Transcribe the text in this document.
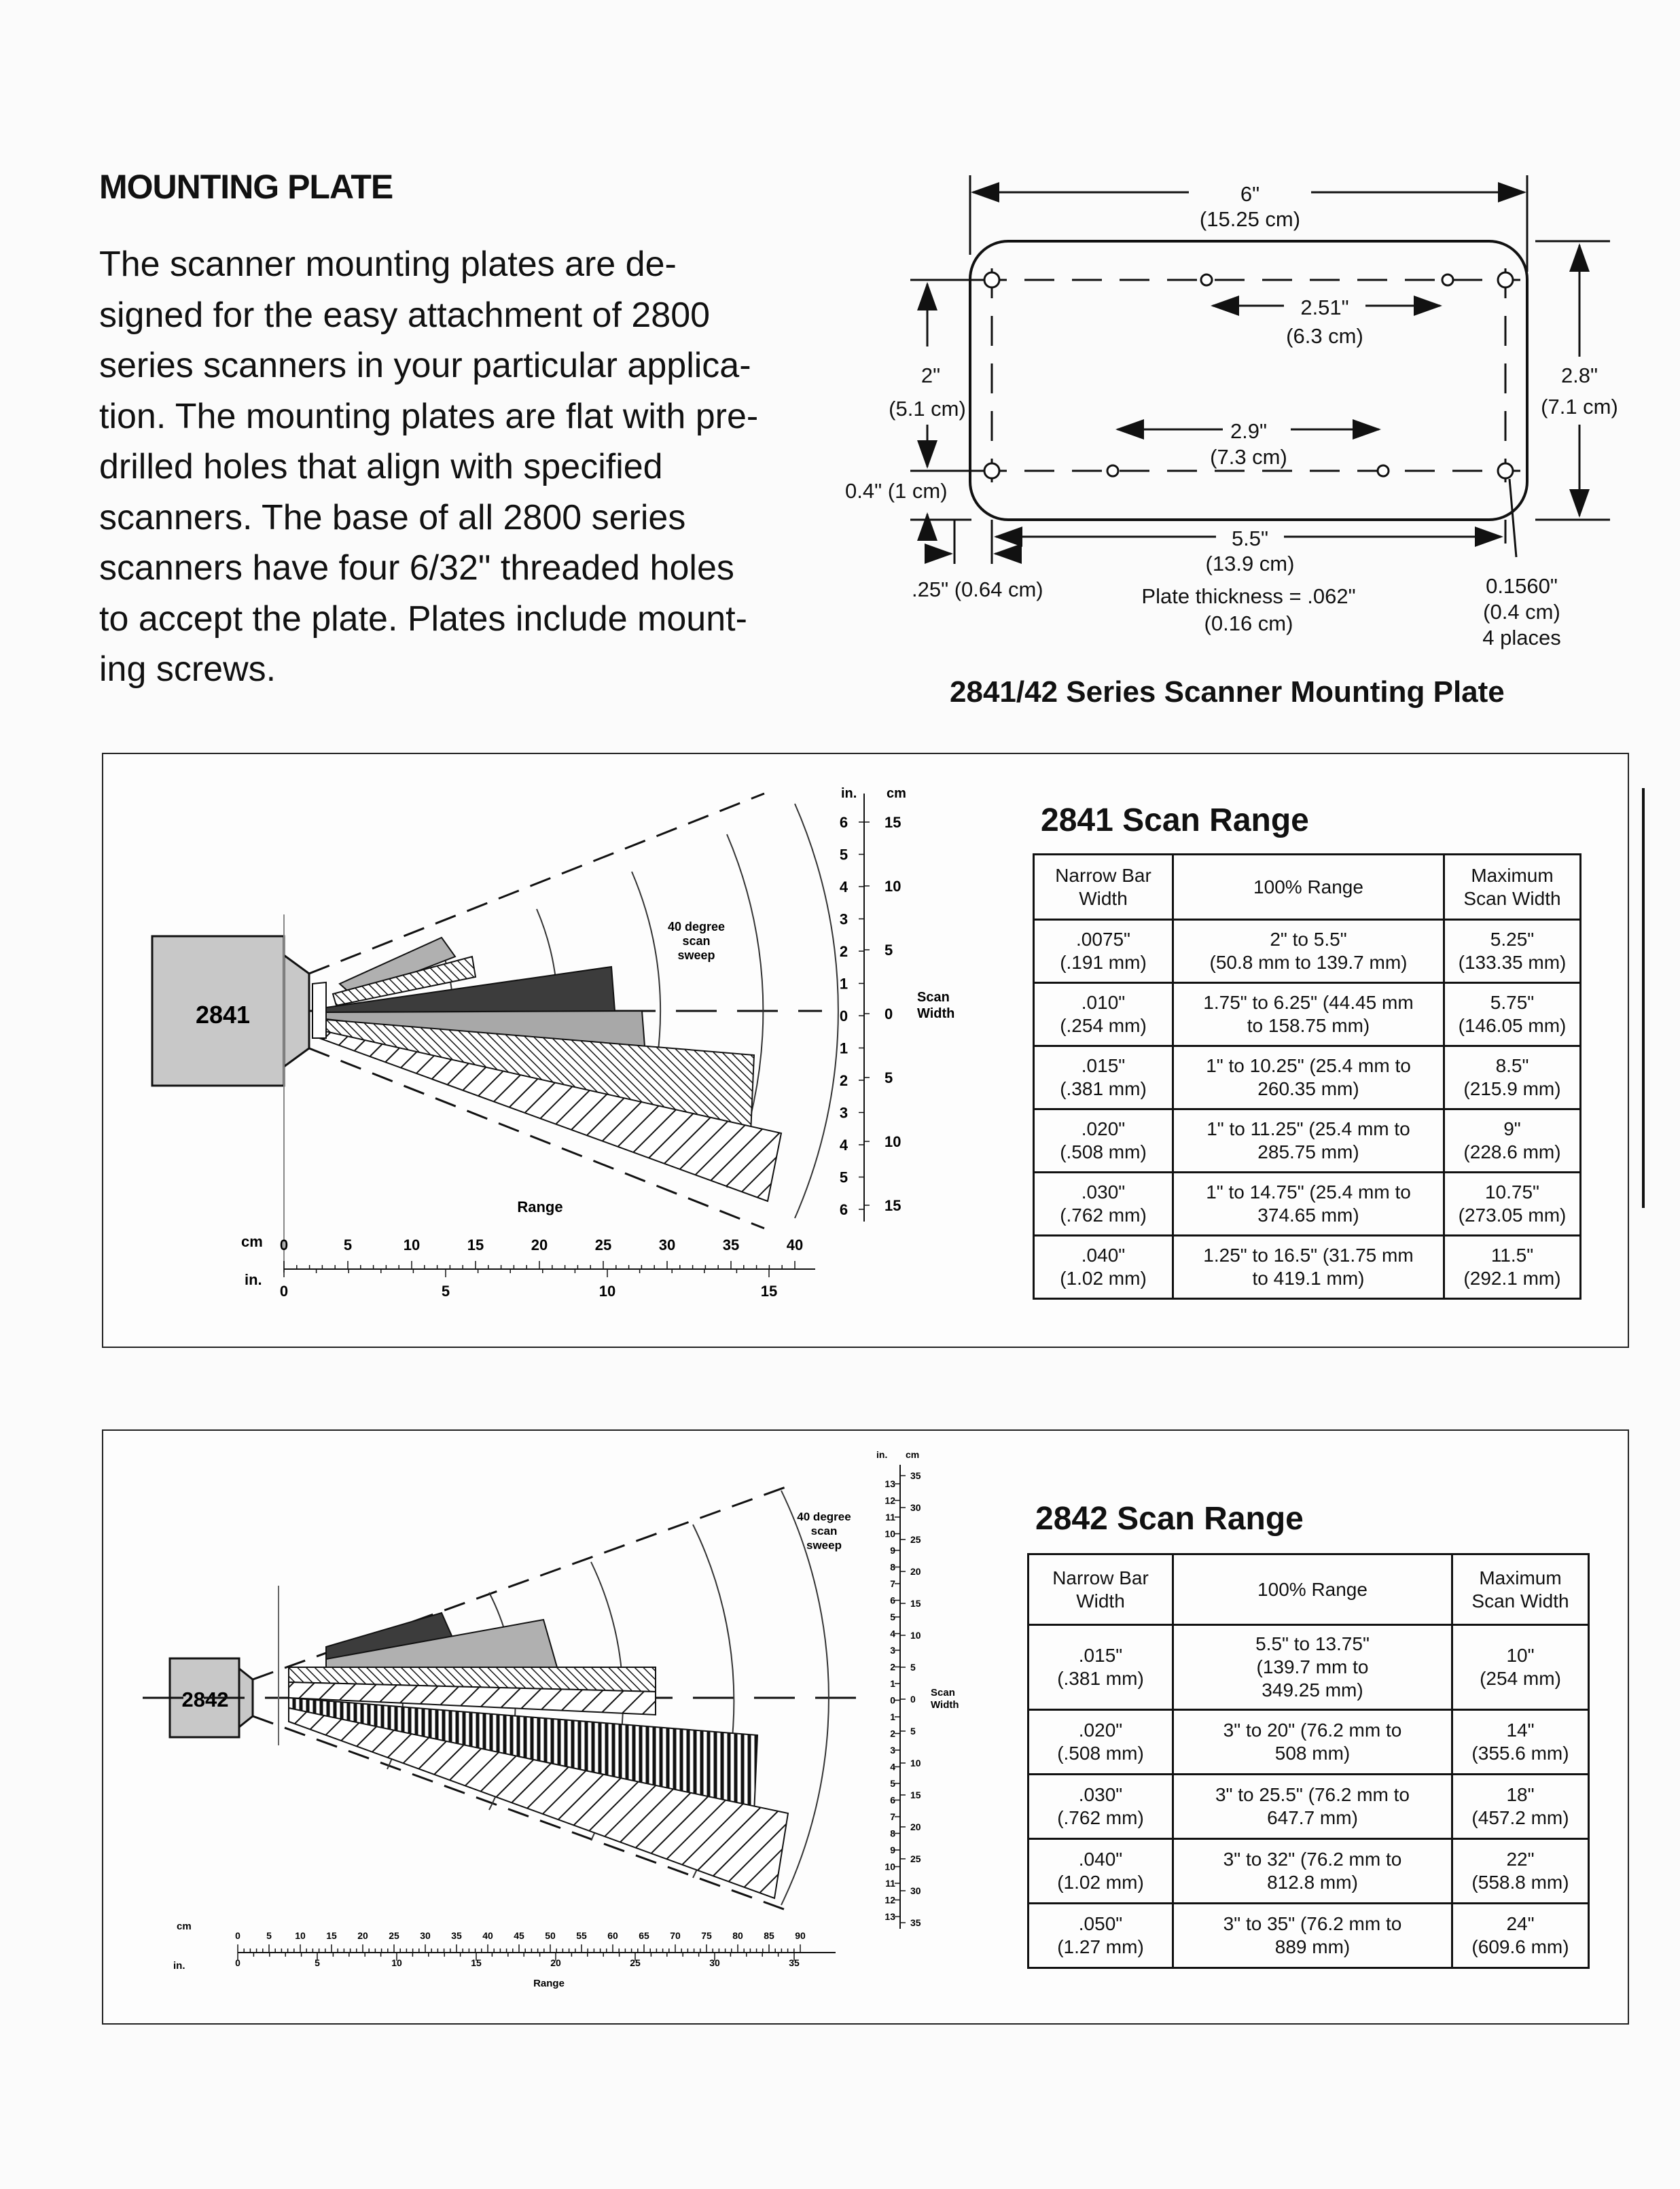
MOUNTING PLATE

The scanner mounting plates are de-

signed for the easy attachment of 2800

series scanners in your particular applica-

tion. The mounting plates are flat with pre-

drilled holes that align with specified

scanners. The base of all 2800 series

scanners have four 6/32" threaded holes

to accept the plate. Plates include mount-

ing screws.

6"
(15.25 cm)
2.51"
(6.3 cm)
2.9"
(7.3 cm)
2"
(5.1 cm)
0.4" (1 cm)
2.8"
(7.1 cm)
5.5"
(13.9 cm)
.25" (0.64 cm)	Plate thickness = .062"
(0.16 cm)
0.1560"
(0.4 cm)
4 places
2841/42 Series Scanner Mounting Plate
2841
40 degree
scan
sweep
in. cm
6
5
4
3
2
1
0
1
2
3
4
5
6
15
10
5
0
5
10
15
Scan
Width
Range
cm
in.
0	5	10	15	20	25	30	35	40
0	5	10	15
2841 Scan Range
Narrow Bar Width	100% Range	Maximum Scan Width
.0075"
(.191 mm)	2" to 5.5"
(50.8 mm to 139.7 mm)	5.25"
(133.35 mm)
.010"
(.254 mm)	1.75" to 6.25" (44.45 mm
to 158.75 mm)	5.75"
(146.05 mm)
.015"
(.381 mm)	1" to 10.25" (25.4 mm to
260.35 mm)	8.5"
(215.9 mm)
.020"
(.508 mm)	1" to 11.25" (25.4 mm to
285.75 mm)	9"
(228.6 mm)
.030"
(.762 mm)	1" to 14.75" (25.4 mm to
374.65 mm)	10.75"
(273.05 mm)
.040"
(1.02 mm)	1.25" to 16.5" (31.75 mm
to 419.1 mm)	11.5"
(292.1 mm)
2842
40 degree
scan
sweep
in. cm
13
12
11
10
9
8
7
6
5
4
3
2
1
0
1
2
3
4
5
6
7
8
9
10
11
12
13
35
30
25
20
15
10
5
0
5
10
15
20
25
30
35
Scan
Width
cm
in.
Range
0	5 10 15 20 25 30 35 40 45 50 55 60 65 70 75 80 85 90
0	5	10	15	20	25	30	35
2842 Scan Range
Narrow Bar Width	100% Range	Maximum Scan Width
.015"
(.381 mm)	5.5" to 13.75"
(139.7 mm to
349.25 mm)	10"
(254 mm)
.020"
(.508 mm)	3" to 20" (76.2 mm to
508 mm)	14"
(355.6 mm)
.030"
(.762 mm)	3" to 25.5" (76.2 mm to
647.7 mm)	18"
(457.2 mm)
.040"
(1.02 mm)	3" to 32" (76.2 mm to
812.8 mm)	22"
(558.8 mm)
.050"
(1.27 mm)	3" to 35" (76.2 mm to
889 mm)	24"
(609.6 mm)
